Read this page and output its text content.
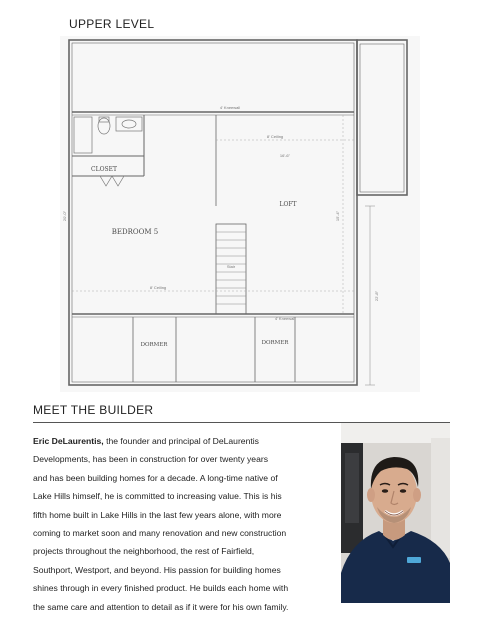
UPPER LEVEL
CLOSET
BEDROOM 5
LOFT
DORMER	DORMER
4' Kneewall
4' Kneewall
8' Ceiling
8' Ceiling
16'-6"
Stair
20'-0"
22'-8"
15'-4"
MEET THE BUILDER

Eric DeLaurentis, the founder and principal of DeLaurentis
Developments, has been in construction for over twenty years
and has been building homes for a decade. A long-time native of
Lake Hills himself, he is committed to increasing value. This is his
fifth home built in Lake Hills in the last few years alone, with more
coming to market soon and many renovation and new construction
projects throughout the neighborhood, the rest of Fairfield,
Southport, Westport, and beyond. His passion for building homes
shines through in every finished product. He builds each home with
the same care and attention to detail as if it were for his own family.
